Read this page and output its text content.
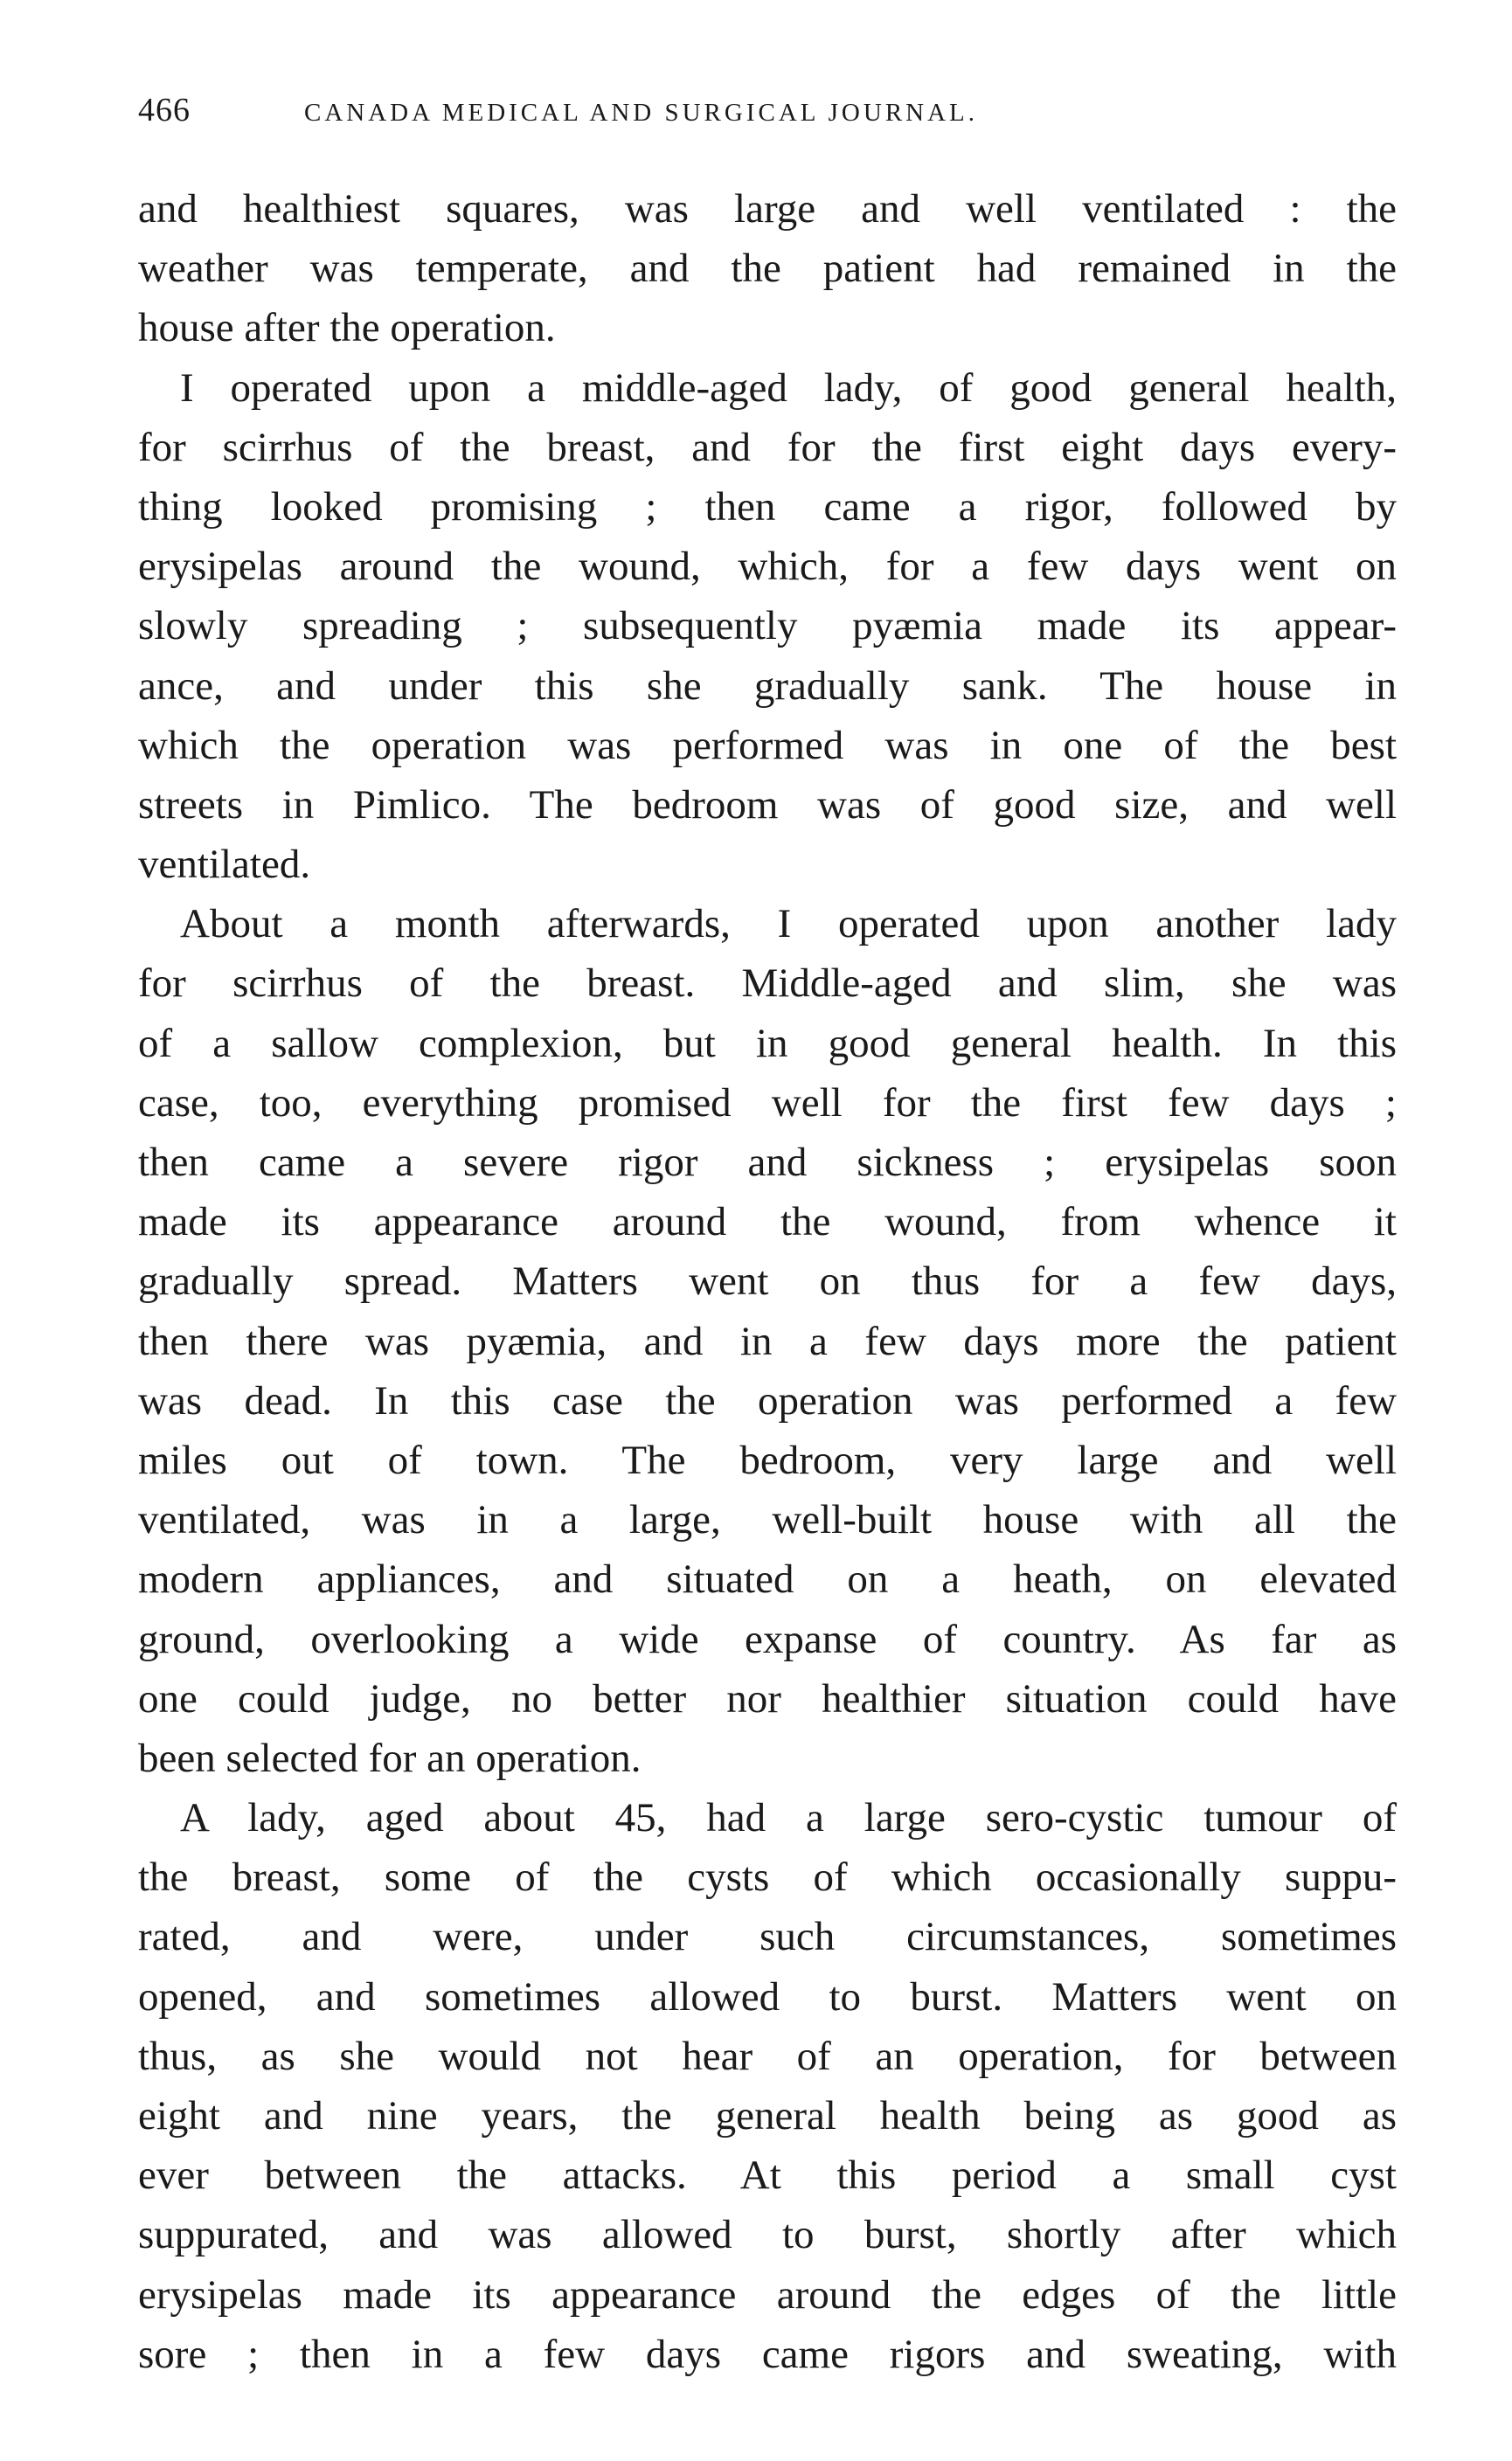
466	CANADA MEDICAL AND SURGICAL JOURNAL.
and healthiest squares, was large and well ventilated : the
weather was temperate, and the patient had remained in the
house after the operation.
I operated upon a middle-aged lady, of good general health,
for scirrhus of the breast, and for the first eight days every-
thing looked promising ; then came a rigor, followed by
erysipelas around the wound, which, for a few days went on
slowly spreading ; subsequently pyæmia made its appear-
ance, and under this she gradually sank. The house in
which the operation was performed was in one of the best
streets in Pimlico. The bedroom was of good size, and well
ventilated.
About a month afterwards, I operated upon another lady
for scirrhus of the breast. Middle-aged and slim, she was
of a sallow complexion, but in good general health. In this
case, too, everything promised well for the first few days ;
then came a severe rigor and sickness ; erysipelas soon
made its appearance around the wound, from whence it
gradually spread. Matters went on thus for a few days,
then there was pyæmia, and in a few days more the patient
was dead. In this case the operation was performed a few
miles out of town. The bedroom, very large and well
ventilated, was in a large, well-built house with all the
modern appliances, and situated on a heath, on elevated
ground, overlooking a wide expanse of country. As far as
one could judge, no better nor healthier situation could have
been selected for an operation.
A lady, aged about 45, had a large sero-cystic tumour of
the breast, some of the cysts of which occasionally suppu-
rated, and were, under such circumstances, sometimes
opened, and sometimes allowed to burst. Matters went on
thus, as she would not hear of an operation, for between
eight and nine years, the general health being as good as
ever between the attacks. At this period a small cyst
suppurated, and was allowed to burst, shortly after which
erysipelas made its appearance around the edges of the little
sore ; then in a few days came rigors and sweating, with
